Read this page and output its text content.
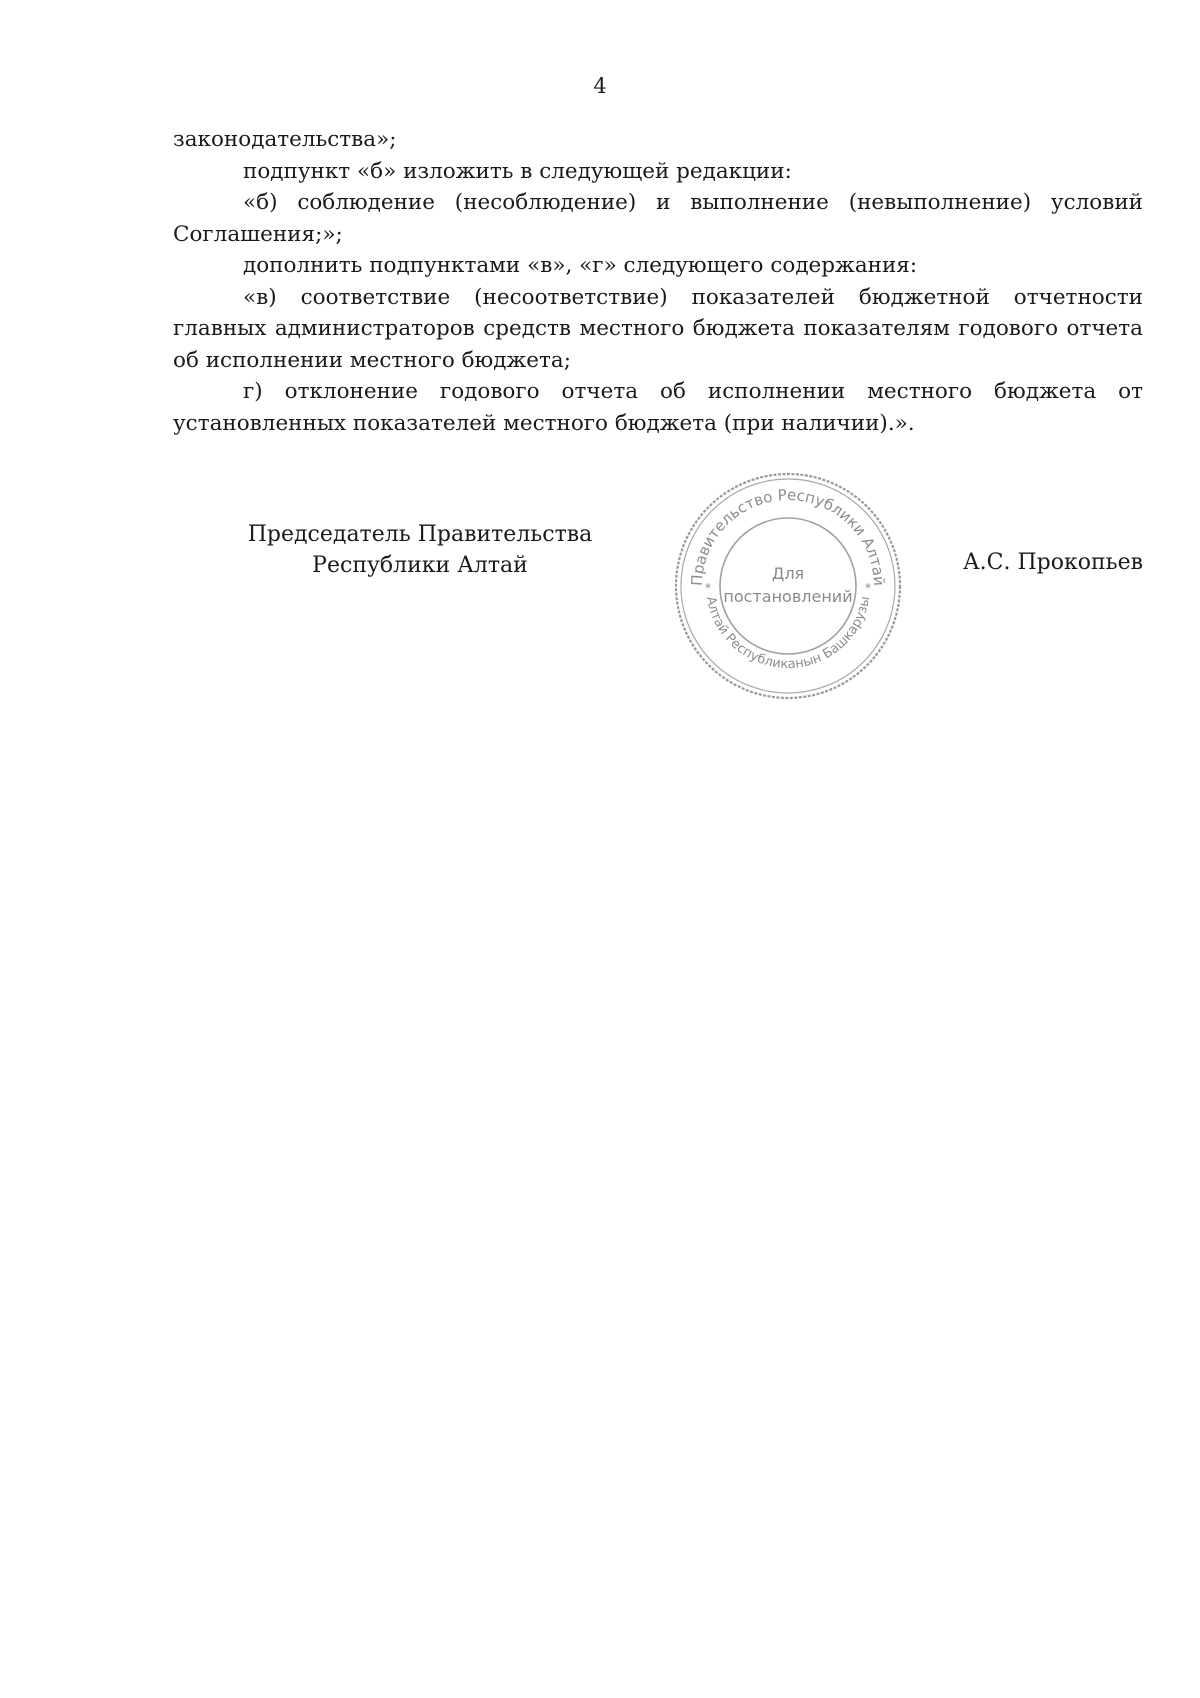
4

законодательства»;

подпункт «б» изложить в следующей редакции:

«б) соблюдение (несоблюдение) и выполнение (невыполнение) условий Соглашения;»;

дополнить подпунктами «в», «г» следующего содержания:

«в) соответствие (несоответствие) показателей бюджетной отчетности главных администраторов средств местного бюджета показателям годового отчета об исполнении местного бюджета;

г) отклонение годового отчета об исполнении местного бюджета от установленных показателей местного бюджета (при наличии).».

Председатель Правительства
Республики Алтай
Правительство Республики Алтай
Алтай Республиканын Башкарузы
*	*
Для
постановлений
А.С. Прокопьев
